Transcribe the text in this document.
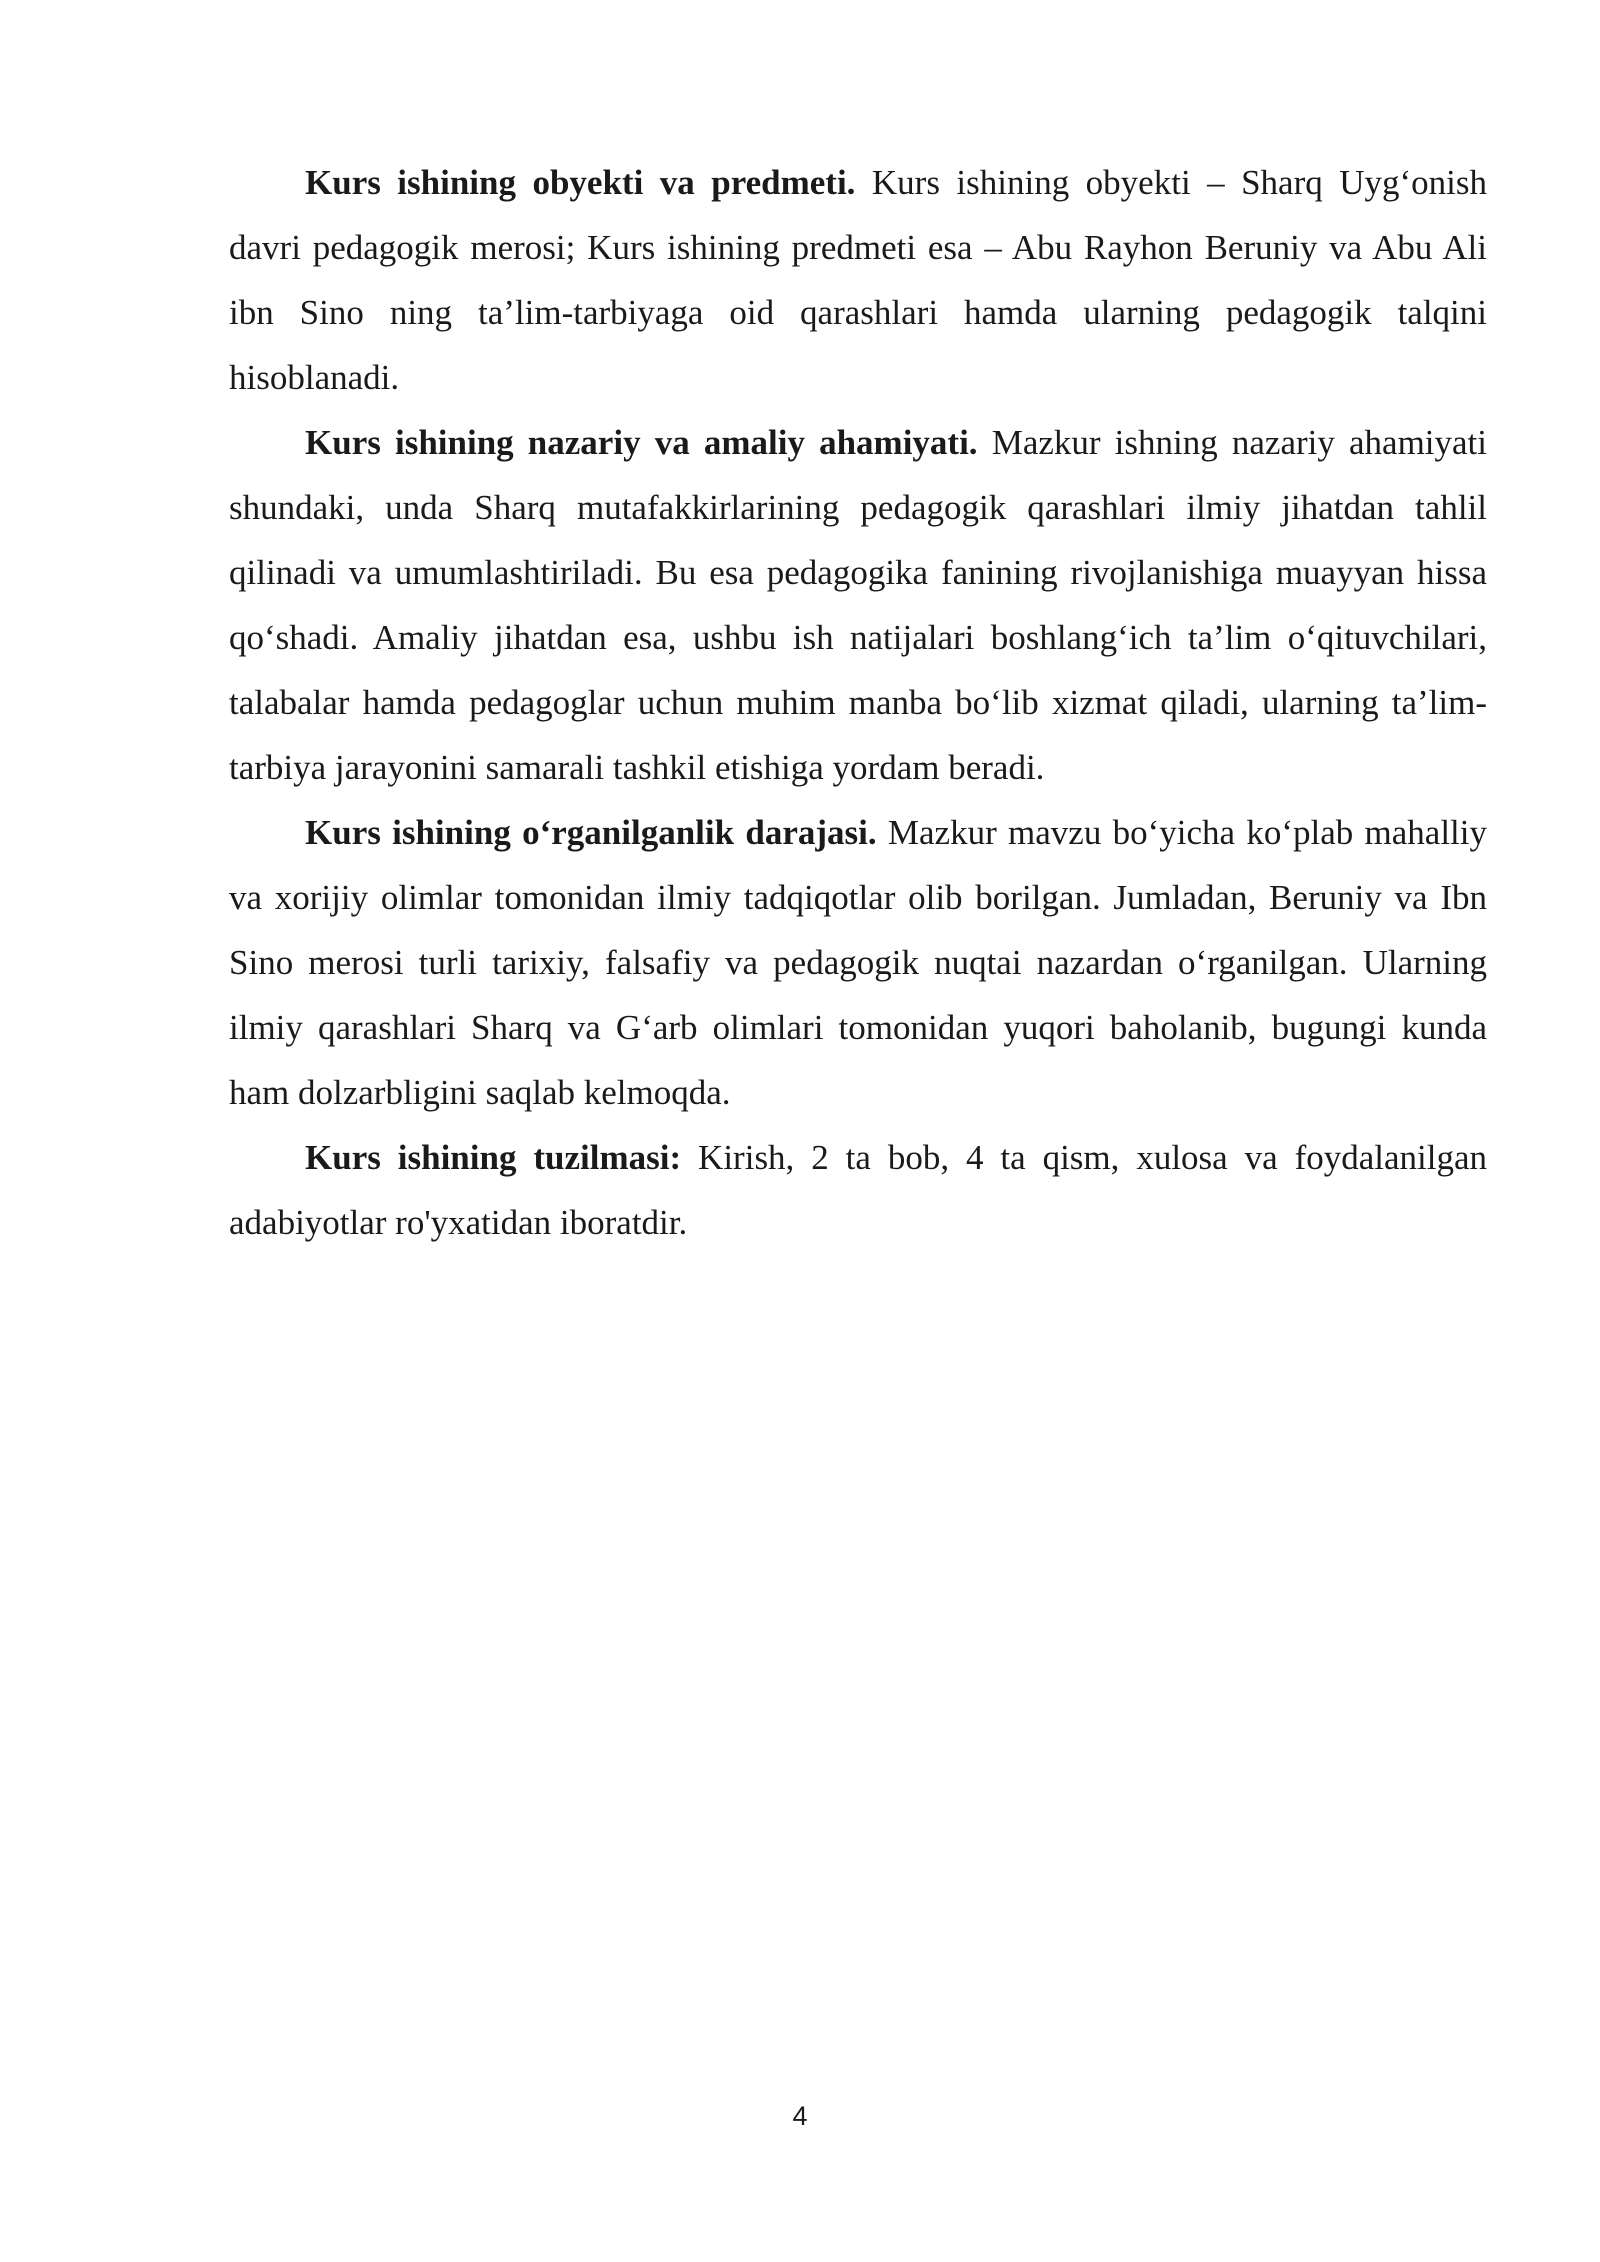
Kurs ishining obyekti va predmeti. Kurs ishining obyekti – Sharq Uyg‘onish davri pedagogik merosi; Kurs ishining predmeti esa – Abu Rayhon Beruniy va Abu Ali ibn Sino ning ta’lim-tarbiyaga oid qarashlari hamda ularning pedagogik talqini hisoblanadi.

Kurs ishining nazariy va amaliy ahamiyati. Mazkur ishning nazariy ahamiyati shundaki, unda Sharq mutafakkirlarining pedagogik qarashlari ilmiy jihatdan tahlil qilinadi va umumlashtiriladi. Bu esa pedagogika fanining rivojlanishiga muayyan hissa qo‘shadi. Amaliy jihatdan esa, ushbu ish natijalari boshlang‘ich ta’lim o‘qituvchilari, talabalar hamda pedagoglar uchun muhim manba bo‘lib xizmat qiladi, ularning ta’lim-tarbiya jarayonini samarali tashkil etishiga yordam beradi.

Kurs ishining o‘rganilganlik darajasi. Mazkur mavzu bo‘yicha ko‘plab mahalliy va xorijiy olimlar tomonidan ilmiy tadqiqotlar olib borilgan. Jumladan, Beruniy va Ibn Sino merosi turli tarixiy, falsafiy va pedagogik nuqtai nazardan o‘rganilgan. Ularning ilmiy qarashlari Sharq va G‘arb olimlari tomonidan yuqori baholanib, bugungi kunda ham dolzarbligini saqlab kelmoqda.

Kurs ishining tuzilmasi: Kirish, 2 ta bob, 4 ta qism, xulosa va foydalanilgan adabiyotlar ro'yxatidan iboratdir.

4
